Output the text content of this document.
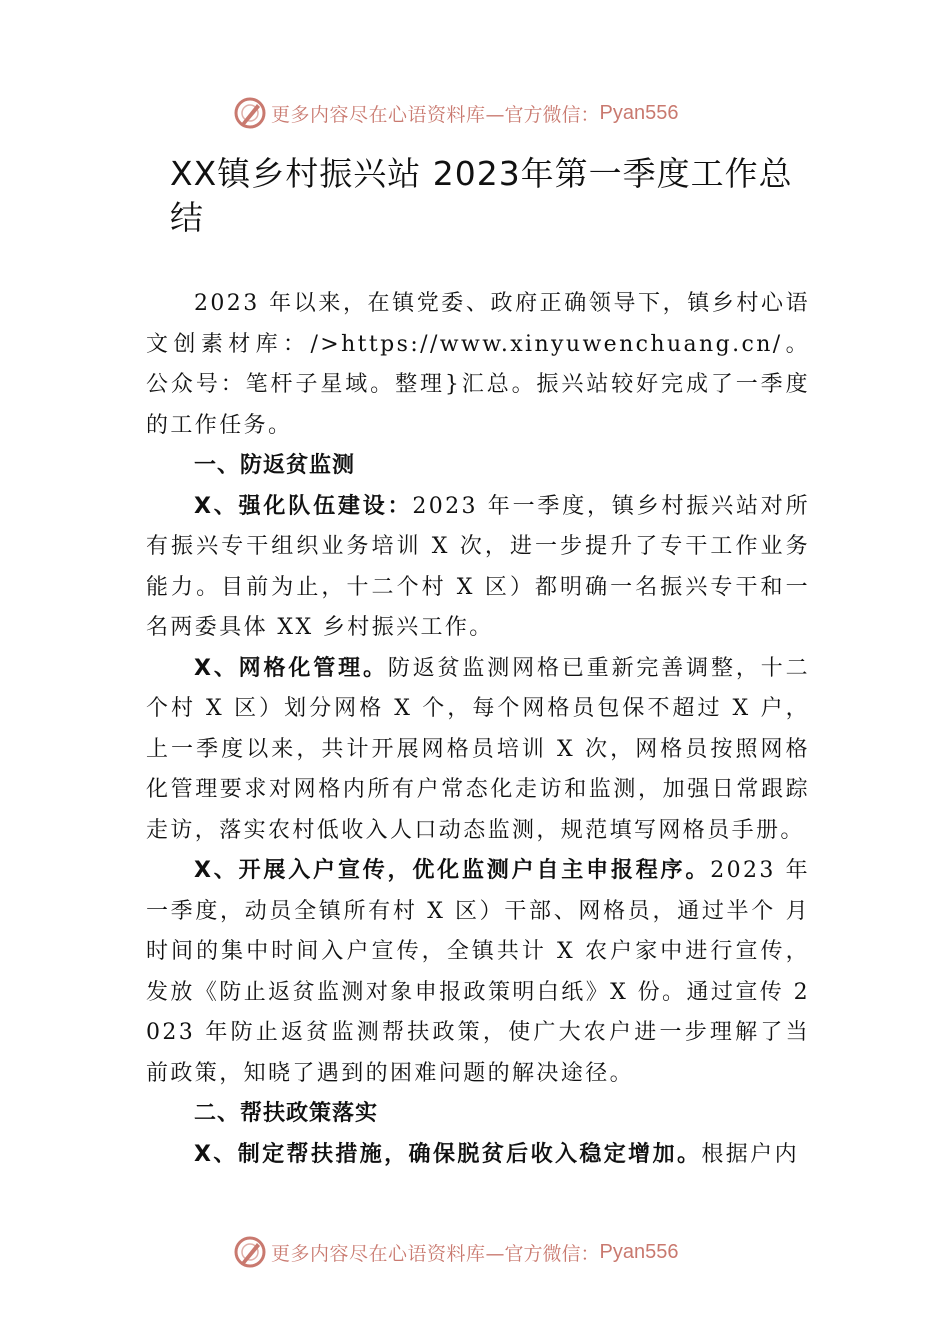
更多内容尽在心语资料库 —官方微信： Pyan556
XX镇乡村振兴站 2023年第一季度工作总结

2023 年以来，在镇党委、政府正确领导下，镇乡村心语文创素材库：/>https://www.xinyuwenchuang.cn/。公众号：笔杆子星域。整理}汇总。振兴站较好完成了一季度的工作任务。

一、防返贫监测

X、强化队伍建设：2023 年一季度，镇乡村振兴站对所有振兴专干组织业务培训 X 次，进一步提升了专干工作业务能力。目前为止，十二个村 X 区）都明确一名振兴专干和一名两委具体 XX 乡村振兴工作。

X、网格化管理。防返贫监测网格已重新完善调整，十二个村 X 区）划分网格 X 个，每个网格员包保不超过 X 户，上一季度以来，共计开展网格员培训 X 次，网格员按照网格化管理要求对网格内所有户常态化走访和监测，加强日常跟踪走访，落实农村低收入人口动态监测，规范填写网格员手册。

X、开展入户宣传，优化监测户自主申报程序。2023 年一季度，动员全镇所有村 X 区）干部、网格员，通过半个 月时间的集中时间入户宣传，全镇共计 X 农户家中进行宣传，发放《防止返贫监测对象申报政策明白纸》X 份。通过宣传 2023 年防止返贫监测帮扶政策，使广大农户进一步理解了当前政策，知晓了遇到的困难问题的解决途径。

二、帮扶政策落实

X、制定帮扶措施，确保脱贫后收入稳定增加。根据户内

更多内容尽在心语资料库 —官方微信： Pyan556
